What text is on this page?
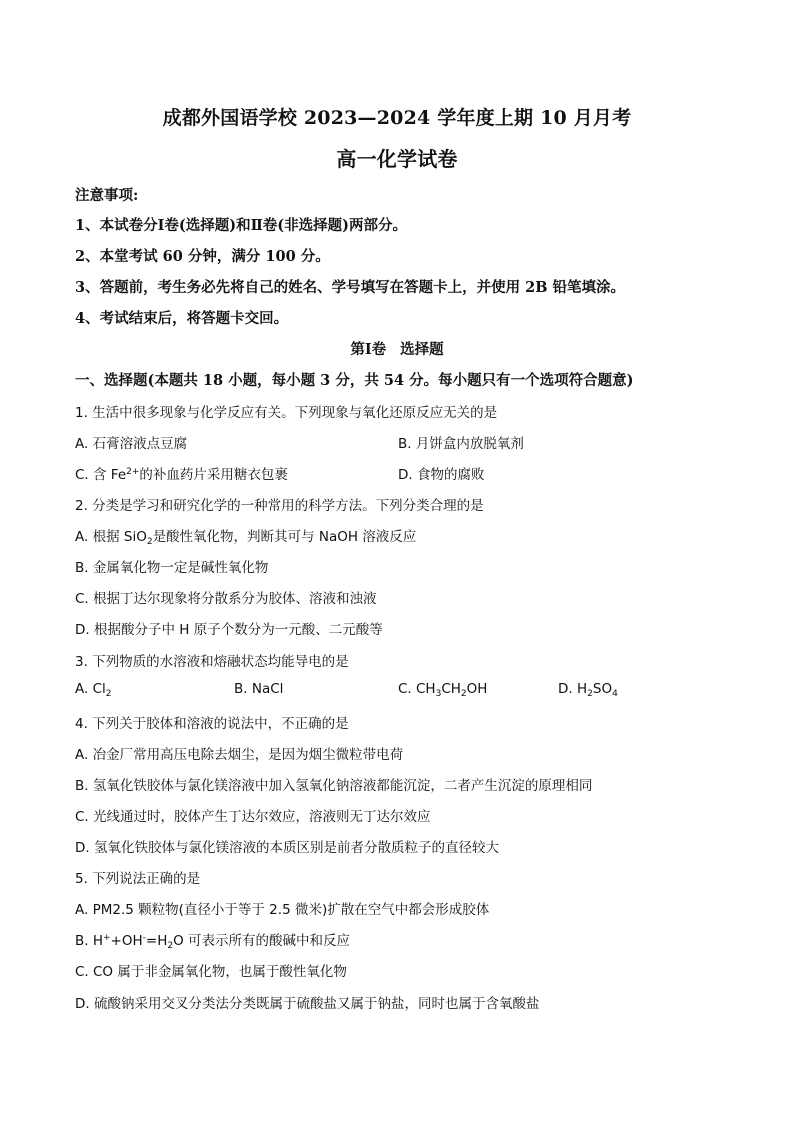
成都外国语学校 2023—2024 学年度上期 10 月月考
高一化学试卷
注意事项:
1、本试卷分Ⅰ卷(选择题)和Ⅱ卷(非选择题)两部分。
2、本堂考试 60 分钟，满分 100 分。
3、答题前，考生务必先将自己的姓名、学号填写在答题卡上，并使用 2B 铅笔填涂。
4、考试结束后，将答题卡交回。
第Ⅰ卷 选择题
一、选择题(本题共 18 小题，每小题 3 分，共 54 分。每小题只有一个选项符合题意)
1. 生活中很多现象与化学反应有关。下列现象与氧化还原反应无关的是
A. 石膏溶液点豆腐	B. 月饼盒内放脱氧剂
C. 含 $Fe^{2+}$的补血药片采用糖衣包裹	D. 食物的腐败
2. 分类是学习和研究化学的一种常用的科学方法。下列分类合理的是
A. 根据 SiO$_2$是酸性氧化物，判断其可与 NaOH 溶液反应
B. 金属氧化物一定是碱性氧化物
C. 根据丁达尔现象将分散系分为胶体、溶液和浊液
D. 根据酸分子中 H 原子个数分为一元酸、二元酸等
3. 下列物质的水溶液和熔融状态均能导电的是
A. $Cl_2$	B. NaCl	C. $CH_3CH_2OH$	D. $H_2SO_4$
4. 下列关于胶体和溶液的说法中，不正确的是
A. 冶金厂常用高压电除去烟尘，是因为烟尘微粒带电荷
B. 氢氧化铁胶体与氯化镁溶液中加入氢氧化钠溶液都能沉淀，二者产生沉淀的原理相同
C. 光线通过时，胶体产生丁达尔效应，溶液则无丁达尔效应
D. 氢氧化铁胶体与氯化镁溶液的本质区别是前者分散质粒子的直径较大
5. 下列说法正确的是
A. PM2.5 颗粒物(直径小于等于 2.5 微米)扩散在空气中都会形成胶体
B. $H^++OH^-=H_2O$ 可表示所有的酸碱中和反应
C. CO 属于非金属氧化物，也属于酸性氧化物
D. 硫酸钠采用交叉分类法分类既属于硫酸盐又属于钠盐，同时也属于含氧酸盐
